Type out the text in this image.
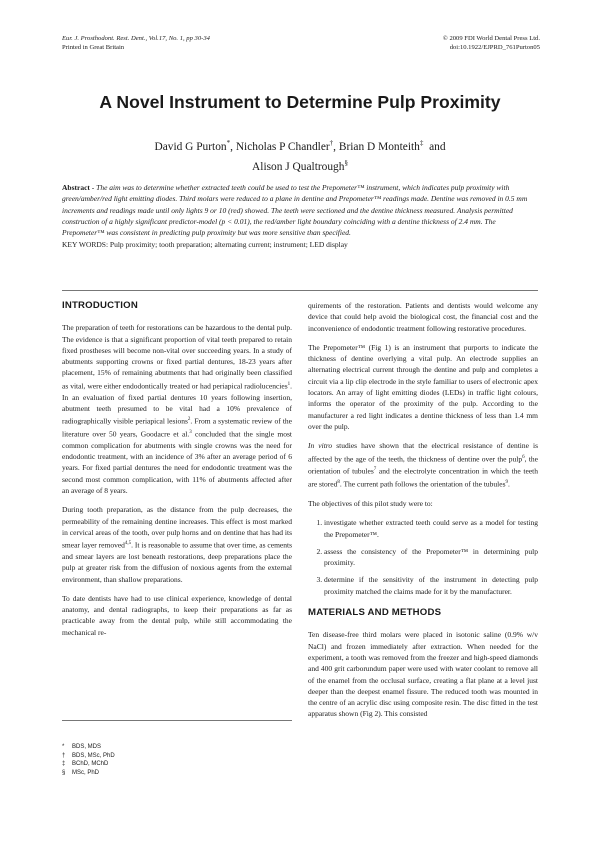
Eur. J. Prosthodont. Rest. Dent., Vol.17, No. 1, pp 30-34
Printed in Great Britain
© 2009 FDI World Dental Press Ltd.
doi:10.1922/EJPRD_761Purton05
A Novel Instrument to Determine Pulp Proximity
David G Purton*, Nicholas P Chandler†, Brian D Monteith‡ and
Alison J Qualtrough§
Abstract - The aim was to determine whether extracted teeth could be used to test the Prepometer™ instrument, which indicates pulp proximity with green/amber/red light emitting diodes. Third molars were reduced to a plane in dentine and Prepometer™ readings made. Dentine was removed in 0.5 mm increments and readings made until only lights 9 or 10 (red) showed. The teeth were sectioned and the dentine thickness measured. Analysis permitted construction of a highly significant predictor-model (p < 0.01), the red/amber light boundary coinciding with a dentine thickness of 2.4 mm. The Prepometer™ was consistent in predicting pulp proximity but was more sensitive than specified.
KEY WORDS: Pulp proximity; tooth preparation; alternating current; instrument; LED display
INTRODUCTION

The preparation of teeth for restorations can be hazardous to the dental pulp. The evidence is that a significant proportion of vital teeth prepared to retain fixed prostheses will become non-vital over succeeding years. In a study of abutments supporting crowns or fixed partial dentures, 18-23 years after placement, 15% of remaining abutments that had originally been classified as vital, were either endodontically treated or had periapical radiolucencies$^1$. In an evaluation of fixed partial dentures 10 years following insertion, abutment teeth presumed to be vital had a 10% prevalence of radiographically visible periapical lesions$^2$. From a systematic review of the literature over 50 years, Goodacre et al.$^3$ concluded that the single most common complication for abutments with single crowns was the need for endodontic treatment, with an incidence of 3% after an average period of 6 years. For fixed partial dentures the need for endodontic treatment was the second most common complication, with 11% of abutments affected after an average of 8 years.

During tooth preparation, as the distance from the pulp decreases, the permeability of the remaining dentine increases. This effect is most marked in cervical areas of the tooth, over pulp horns and on dentine that has had its smear layer removed$^{4,5}$. It is reasonable to assume that over time, as cements and smear layers are lost beneath restorations, deep preparations place the pulp at greater risk from the diffusion of noxious agents from the external environment, than shallow preparations.

To date dentists have had to use clinical experience, knowledge of dental anatomy, and dental radiographs, to keep their preparations as far as practicable away from the dental pulp, while still accommodating the mechanical re-

* BDS, MDS
† BDS, MSc, PhD
‡ BChD, MChD
§ MSc, PhD

quirements of the restoration. Patients and dentists would welcome any device that could help avoid the biological cost, the financial cost and the inconvenience of endodontic treatment following restorative procedures.

The Prepometer™ (Fig 1) is an instrument that purports to indicate the thickness of dentine overlying a vital pulp. An electrode supplies an alternating electrical current through the dentine and pulp and completes a circuit via a lip clip electrode in the style familiar to users of electronic apex locators. An array of light emitting diodes (LEDs) in traffic light colours, informs the operator of the proximity of the pulp. According to the manufacturer a red light indicates a dentine thickness of less than 1.4 mm over the pulp.

In vitro studies have shown that the electrical resistance of dentine is affected by the age of the teeth, the thickness of dentine over the pulp$^6$, the orientation of tubules$^7$ and the electrolyte concentration in which the teeth are stored$^8$. The current path follows the orientation of the tubules$^9$.

The objectives of this pilot study were to:

1. investigate whether extracted teeth could serve as a model for testing the Prepometer™.
2. assess the consistency of the Prepometer™ in determining pulp proximity.
3. determine if the sensitivity of the instrument in detecting pulp proximity matched the claims made for it by the manufacturer.
MATERIALS AND METHODS

Ten disease-free third molars were placed in isotonic saline (0.9% w/v NaCl) and frozen immediately after extraction. When needed for the experiment, a tooth was removed from the freezer and high-speed diamonds and 400 grit carborundum paper were used with water coolant to remove all of the enamel from the occlusal surface, creating a flat plane at a level just deeper than the deepest enamel fissure. The reduced tooth was mounted in the centre of an acrylic disc using composite resin. The disc fitted in the test apparatus shown (Fig 2). This consisted
